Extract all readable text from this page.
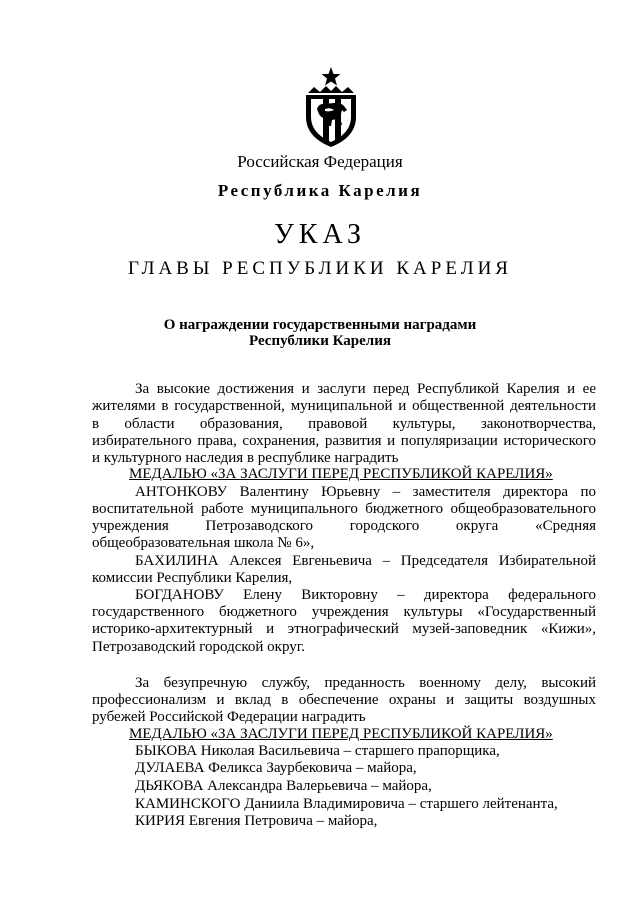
Российская Федерация
Республика Карелия
УКАЗ
ГЛАВЫ РЕСПУБЛИКИ КАРЕЛИЯ
О награждении государственными наградами
Республики Карелия
За высокие достижения и заслуги перед Республикой Карелия и ее
жителями в государственной, муниципальной и общественной деятельности
в области образования, правовой культуры, законотворчества,
избирательного права, сохранения, развития и популяризации исторического
и культурного наследия в республике наградить
МЕДАЛЬЮ «ЗА ЗАСЛУГИ ПЕРЕД РЕСПУБЛИКОЙ КАРЕЛИЯ»
АНТОНКОВУ Валентину Юрьевну – заместителя директора по
воспитательной работе муниципального бюджетного общеобразовательного
учреждения Петрозаводского городского округа «Средняя
общеобразовательная школа № 6»,
БАХИЛИНА Алексея Евгеньевича – Председателя Избирательной
комиссии Республики Карелия,
БОГДАНОВУ Елену Викторовну – директора федерального
государственного бюджетного учреждения культуры «Государственный
историко-архитектурный и этнографический музей-заповедник «Кижи»,
Петрозаводский городской округ.
За безупречную службу, преданность военному делу, высокий
профессионализм и вклад в обеспечение охраны и защиты воздушных
рубежей Российской Федерации наградить
МЕДАЛЬЮ «ЗА ЗАСЛУГИ ПЕРЕД РЕСПУБЛИКОЙ КАРЕЛИЯ»
БЫКОВА Николая Васильевича – старшего прапорщика,
ДУЛАЕВА Феликса Заурбековича – майора,
ДЬЯКОВА Александра Валерьевича – майора,
КАМИНСКОГО Даниила Владимировича – старшего лейтенанта,
КИРИЯ Евгения Петровича – майора,
